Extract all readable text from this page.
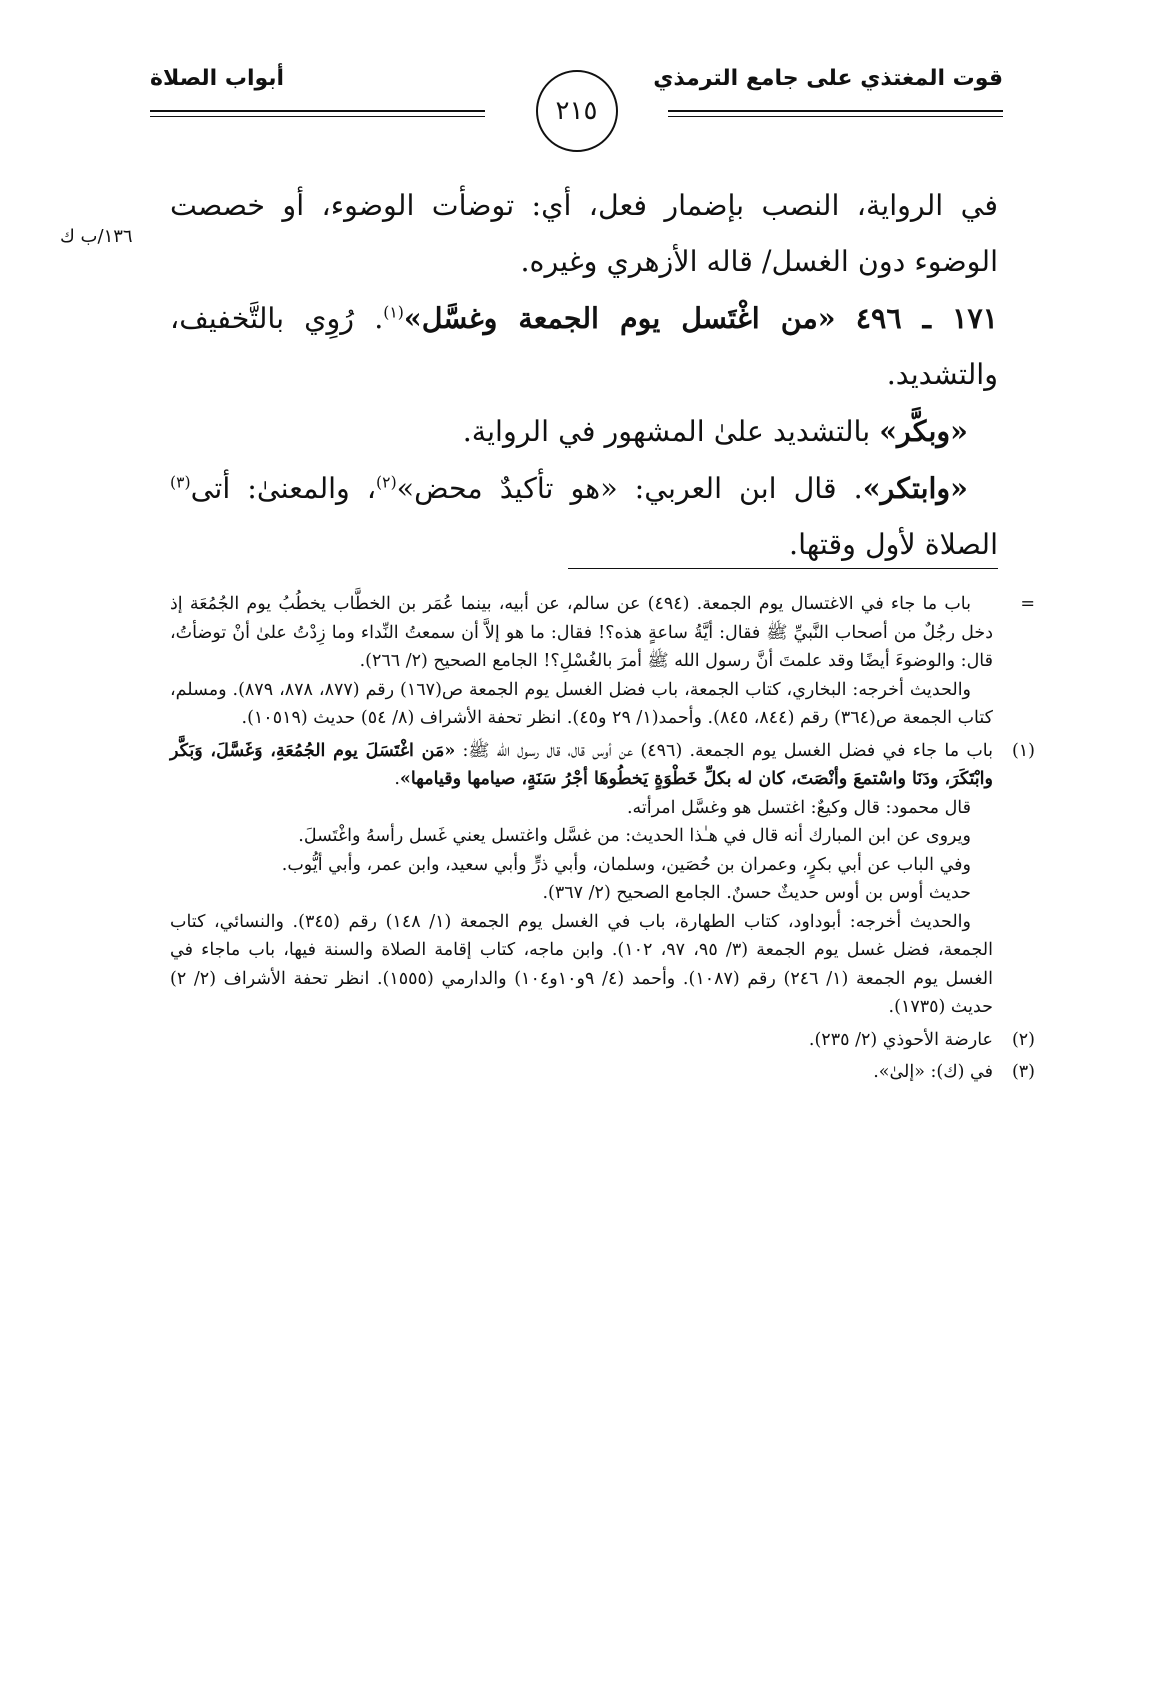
قوت المغتذي على جامع الترمذي
أبواب الصلاة
٢١٥
١٣٦/ب ك

في الرواية، النصب بإضمار فعل، أي: توضأت الوضوء، أو خصصت الوضوء دون الغسل/ قاله الأزهري وغيره.

١٧١ ـ ٤٩٦ «من اغْتَسل يوم الجمعة وغسَّل»$^{(١)}$. رُوِي بالتَّخفيف، والتشديد.

«وبكَّر» بالتشديد علىٰ المشهور في الرواية.

«وابتكر». قال ابن العربي: «هو تأكيدٌ محض»$^{(٢)}$، والمعنىٰ: أتى$^{(٣)}$ الصلاة لأول وقتها.

=

باب ما جاء في الاغتسال يوم الجمعة. (٤٩٤) عن سالم، عن أبيه، بينما عُمَر بن الخطَّاب يخطُبُ يوم الجُمُعَة إذ دخل رجُلٌ من أصحاب النَّبيِّ ﷺ فقال: أيَّةُ ساعةٍ هذه؟! فقال: ما هو إلاَّ أن سمعتُ النِّداء وما زِدْتُ علىٰ أنْ توضأتُ، قال: والوضوءَ أيضًا وقد علمتَ أنَّ رسول الله ﷺ أمرَ بالغُسْلِ؟! الجامع الصحيح (٢/ ٢٦٦).

والحديث أخرجه: البخاري، كتاب الجمعة، باب فضل الغسل يوم الجمعة ص(١٦٧) رقم (٨٧٧، ٨٧٨، ٨٧٩). ومسلم، كتاب الجمعة ص(٣٦٤) رقم (٨٤٤، ٨٤٥). وأحمد(١/ ٢٩ و٤٥). انظر تحفة الأشراف (٨/ ٥٤) حديث (١٠٥١٩).

(١)

باب ما جاء في فضل الغسل يوم الجمعة. (٤٩٦) عن أوس قال، قال رسول الله ﷺ: «مَن اغْتَسَلَ يوم الجُمُعَةِ، وَغَسَّلَ، وَبَكَّر وابْتَكَرَ، ودَنَا واسْتمعَ وأنْصَتَ، كان له بكلِّ خَطْوَةٍ يَخطُوهَا أجْرُ سَنَةٍ، صيامها وقيامها».

قال محمود: قال وكيعٌ: اغتسل هو وغسَّل امرأته.

ويروى عن ابن المبارك أنه قال في هـٰذا الحديث: من غسَّل واغتسل يعني غَسل رأسهُ واغْتَسلَ.

وفي الباب عن أبي بكرٍ، وعمران بن حُصَين، وسلمان، وأبي ذرٍّ وأبي سعيد، وابن عمر، وأبي أيُّوب.

حديث أوس بن أوس حديثٌ حسنٌ. الجامع الصحيح (٢/ ٣٦٧).

والحديث أخرجه: أبوداود، كتاب الطهارة، باب في الغسل يوم الجمعة (١/ ١٤٨) رقم (٣٤٥). والنسائي، كتاب الجمعة، فضل غسل يوم الجمعة (٣/ ٩٥، ٩٧، ١٠٢). وابن ماجه، كتاب إقامة الصلاة والسنة فيها، باب ماجاء في الغسل يوم الجمعة (١/ ٢٤٦) رقم (١٠٨٧). وأحمد (٤/ ٩و١٠و١٠٤) والدارمي (١٥٥٥). انظر تحفة الأشراف (٢/ ٢) حديث (١٧٣٥).

(٢)

عارضة الأحوذي (٢/ ٢٣٥).

(٣)

في (ك): «إلىٰ».
